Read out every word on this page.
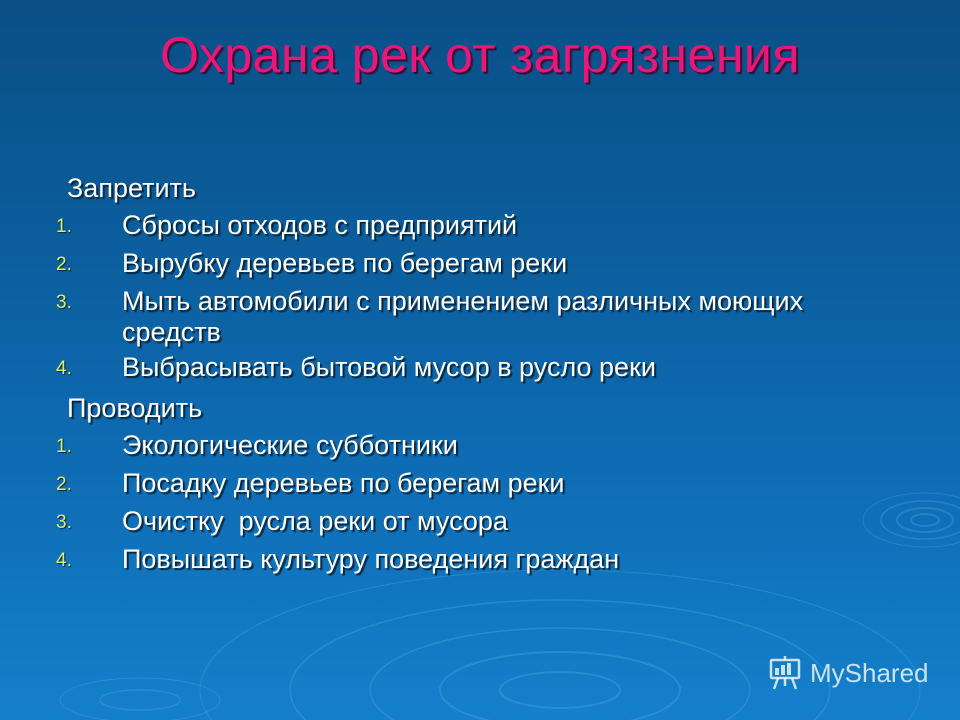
Охрана рек от загрязнения
Запретить
1.	Сбросы отходов с предприятий
2.	Вырубку деревьев по берегам реки
3.	Мыть автомобили с применением различных моющих средств
4.	Выбрасывать бытовой мусор в русло реки
Проводить
1.	Экологические субботники
2.	Посадку деревьев по берегам реки
3.	Очистку  русла реки от мусора
4.	Повышать культуру поведения граждан
MyShared
